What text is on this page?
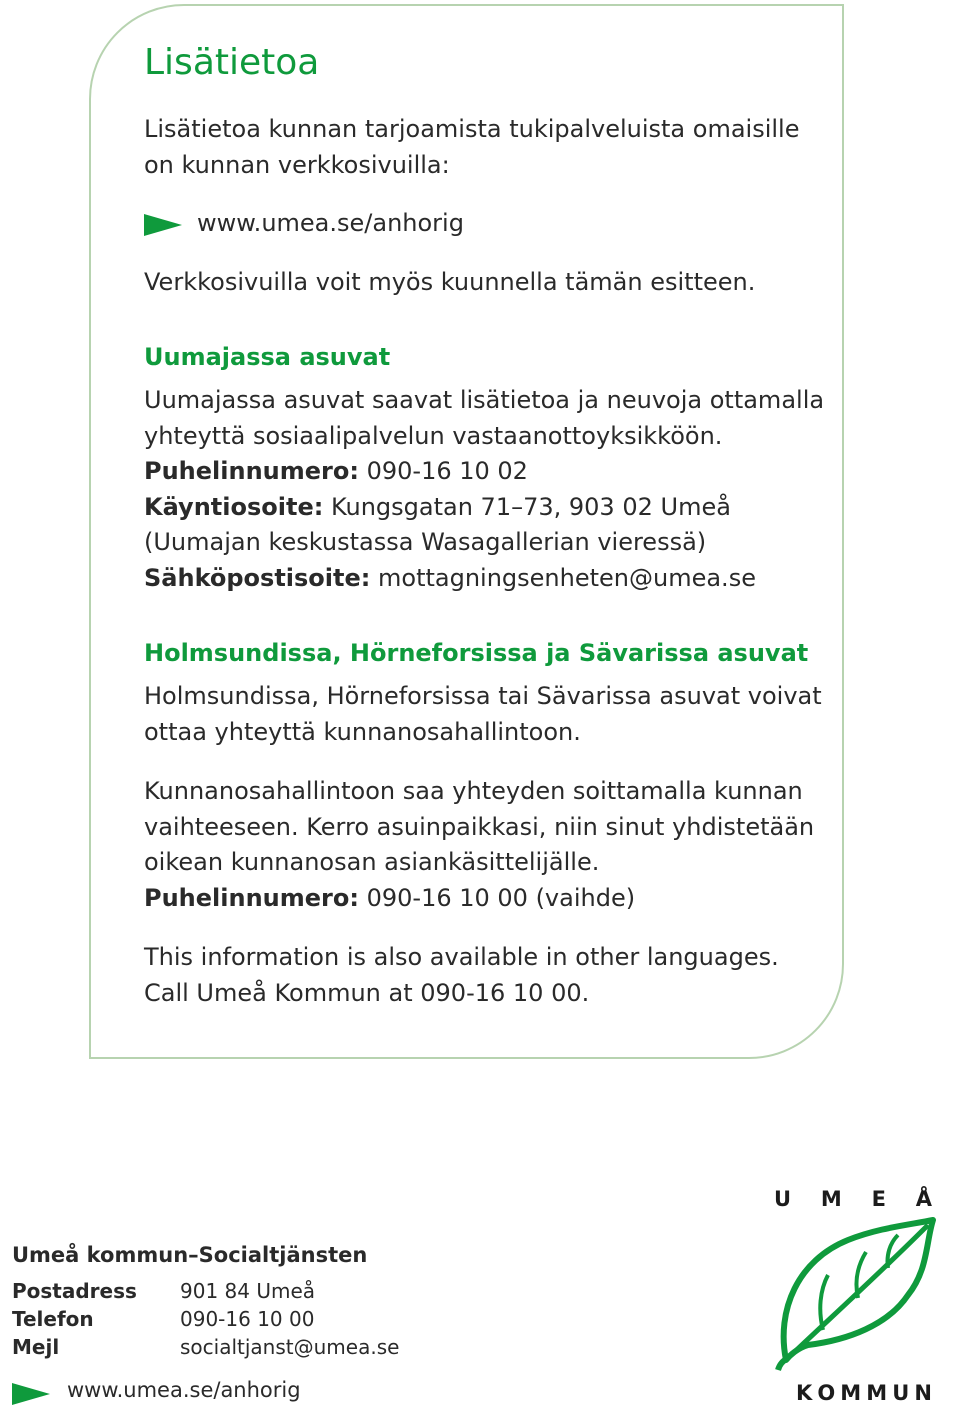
Lisätietoa

Lisätietoa kunnan tarjoamista tukipalveluista omaisille

on kunnan verkkosivuilla:

www.umea.se/anhorig

Verkkosivuilla voit myös kuunnella tämän esitteen.

Uumajassa asuvat

Uumajassa asuvat saavat lisätietoa ja neuvoja ottamalla

yhteyttä sosiaalipalvelun vastaanottoyksikköön.

Puhelinnumero: 090-16 10 02

Käyntiosoite: Kungsgatan 71–73, 903 02 Umeå

(Uumajan keskustassa Wasagallerian vieressä)

Sähköpostisoite: mottagningsenheten@umea.se

Holmsundissa, Hörneforsissa ja Sävarissa asuvat

Holmsundissa, Hörneforsissa tai Sävarissa asuvat voivat

ottaa yhteyttä kunnanosahallintoon.

Kunnanosahallintoon saa yhteyden soittamalla kunnan

vaihteeseen. Kerro asuinpaikkasi, niin sinut yhdistetään

oikean kunnanosan asiankäsittelijälle.

Puhelinnumero: 090-16 10 00 (vaihde)

This information is also available in other languages.

Call Umeå Kommun at 090-16 10 00.

Umeå kommun–Socialtjänsten

Postadress	901 84 Umeå
Telefon	090-16 10 00
Mejl	socialtjanst@umea.se
www.umea.se/anhorig
U M E Å
K O M M U N
